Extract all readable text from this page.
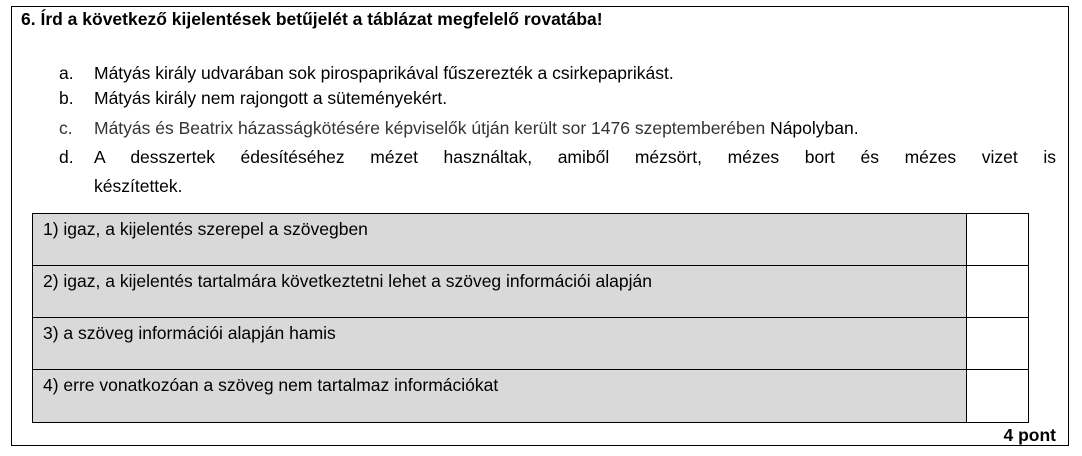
6. Írd a következő kijelentések betűjelét a táblázat megfelelő rovatába!
a. Mátyás király udvarában sok pirospaprikával fűszerezték a csirkepaprikást.
b. Mátyás király nem rajongott a süteményekért.
c. Mátyás és Beatrix házasságkötésére képviselők útján került sor 1476 szeptemberében Nápolyban.
d. A desszertek édesítéséhez mézet használtak, amiből mézsört, mézes bort és mézes vizet is
készítettek.
1) igaz, a kijelentés szerepel a szövegben	
2) igaz, a kijelentés tartalmára következtetni lehet a szöveg információi alapján	
3) a szöveg információi alapján hamis	
4) erre vonatkozóan a szöveg nem tartalmaz információkat	
4 pont
